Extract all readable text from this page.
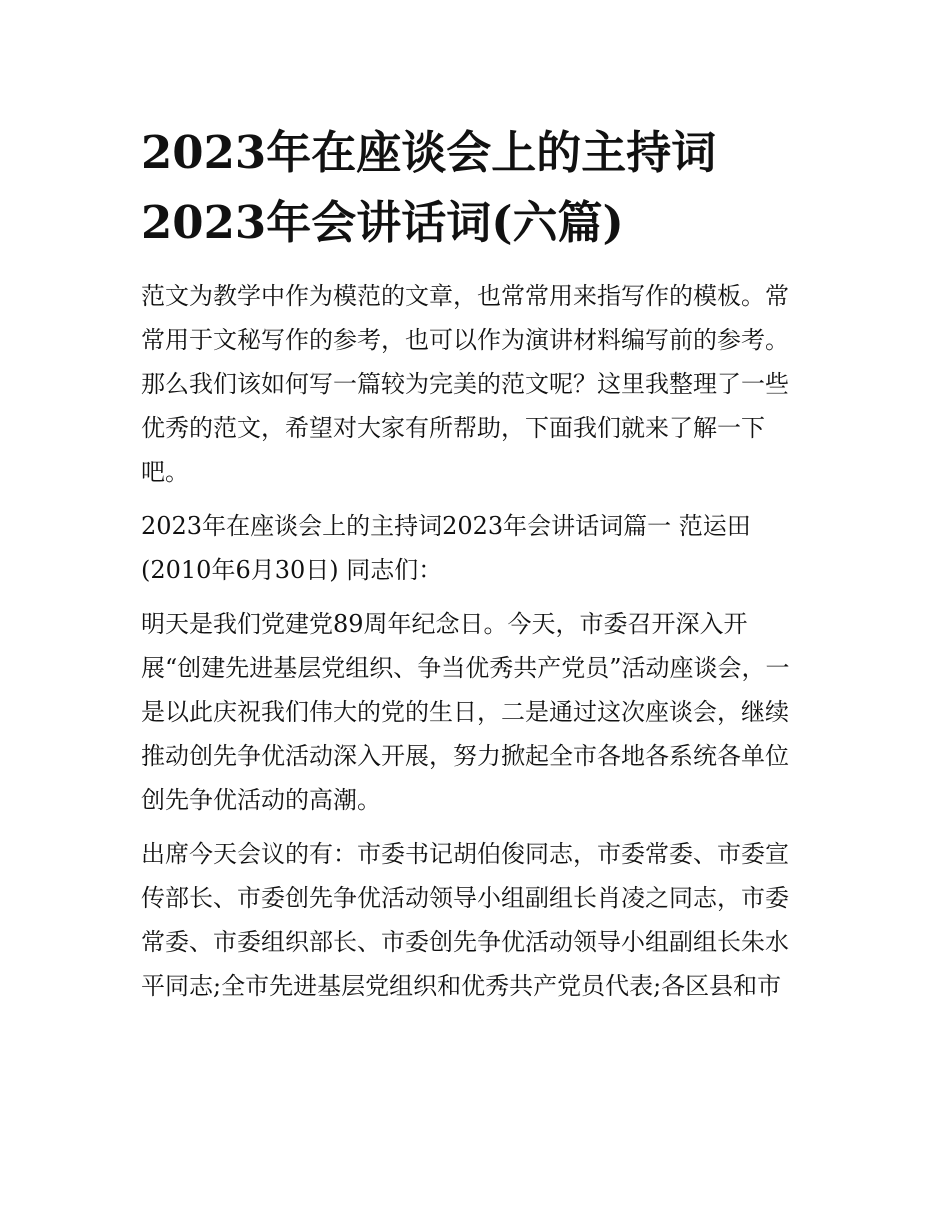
2023年在座谈会上的主持词
2023年会讲话词(六篇)

范文为教学中作为模范的文章，也常常用来指写作的模板。常
常用于文秘写作的参考，也可以作为演讲材料编写前的参考。
那么我们该如何写一篇较为完美的范文呢？这里我整理了一些
优秀的范文，希望对大家有所帮助，下面我们就来了解一下
吧。

2023年在座谈会上的主持词2023年会讲话词篇一 范运田
(2010年6月30日) 同志们：

明天是我们党建党89周年纪念日。今天，市委召开深入开
展“创建先进基层党组织、争当优秀共产党员”活动座谈会，一
是以此庆祝我们伟大的党的生日，二是通过这次座谈会，继续
推动创先争优活动深入开展，努力掀起全市各地各系统各单位
创先争优活动的高潮。

出席今天会议的有：市委书记胡伯俊同志，市委常委、市委宣
传部长、市委创先争优活动领导小组副组长肖凌之同志，市委
常委、市委组织部长、市委创先争优活动领导小组副组长朱水
平同志;全市先进基层党组织和优秀共产党员代表;各区县和市
